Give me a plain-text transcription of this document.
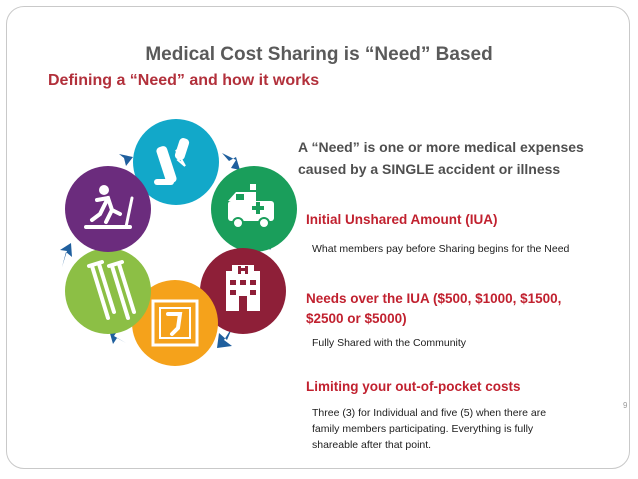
Medical Cost Sharing is “Need” Based
Defining a “Need” and how it works
A “Need” is one or more medical expenses
caused by a SINGLE accident or illness
Initial Unshared Amount (IUA)
What members pay before Sharing begins for the Need
Needs over the IUA ($500, $1000, $1500,
$2500 or $5000)
Fully Shared with the Community
Limiting your out-of-pocket costs
Three (3) for Individual and five (5) when there are
family members participating. Everything is fully
shareable after that point.
9
